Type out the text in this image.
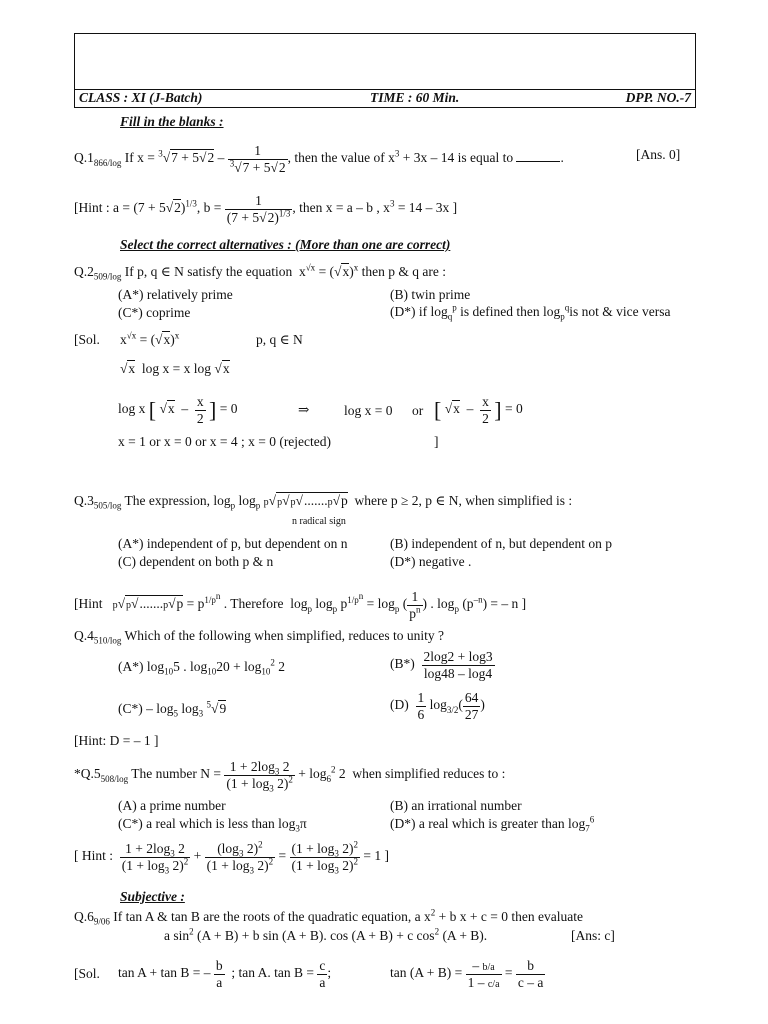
CLASS : XI (J-Batch)	TIME : 60 Min.	DPP. NO.-7
Fill in the blanks :
$Q.1_{866/log}$ If $x = ^3√7 + 5√2 - \frac{1}{^3√7 + 5√2}$ , then the value of $x^3 + 3x - 14$ is equal to	.	[Ans. 0]
[Hint : $a = (7 + 5√2)^{1/3}$, $b = \frac{1}{(7 + 5√2)^{1/3}}$ , then x = a – b , $x^3 = 14 - 3x$ ]
Select the correct alternatives : (More than one are correct)
$Q.2_{509/log}$ If p, q ∈ N satisfy the equation  $x^{√x} = (√x)^x$ then p & q are :
(A*) relatively prime	(B) twin prime
(C*) coprime	(D*) if $\log_q^p$ is defined then $\log_p^qis$ not & vice versa
[Sol. $x^{√x} = (√x)^x$	p, q ∈ N
√x log x = x log √x
log x [ $√x - \frac{x}{2}$ ] = 0	⇒	log x = 0 or [ $√x - \frac{x}{2}$ ] = 0
x = 1 or x = 0 or x = 4 ; x = 0 (rejected)	]
$Q.3_{505/log}$ The expression, $\log_p \log_p p√p√p√.......p√p$ where p ≥ 2, p ∈ N, when simplified is :
n radical sign
(A*) independent of p, but dependent on n	(B) independent of n, but dependent on p
(C) dependent on both p & n	(D*) negative .
[Hint $p√p√.......p√p = p^{1/p^n}$ . Therefore  $\log_p \log_p p^{1/p^n} = \log_p$ ( $\frac{1}{p^n}$ ) . $\log_p (p^{-n})$ = – n ]
$Q.4_{510/log}$ Which of the following when simplified, reduces to unity ?
(A*) $\log_{10}5$ . $\log_{10}20 + \log_{10}^2 2$	$(B*) \frac{2\log 2 + \log 3}{\log 48 - \log 4}$
$(C*) - \log_5 \log_3 ^5√9$	$(D) \frac{1}{6} \log_{3/2}( \frac{64}{27}$ )
[Hint: D = – 1 ]
$*Q.5_{508/log}$ The number $N = \frac{1 + 2\log_3 2}{(1 + \log_3 2)^2} + \log_6^2 2$  when simplified reduces to :
(A) a prime number	(B) an irrational number
(C*) a real which is less than $\log_3\pi$	(D*) a real which is greater than $\log_7^6$
[ Hint : $\frac{1 + 2\log_3 2}{(1 + \log_3 2)^2} + \frac{(\log_3 2)^2}{(1 + \log_3 2)^2} = \frac{(1 + \log_3 2)^2}{(1 + \log_3 2)^2} = 1$ ]
Subjective :
$Q.6_{9/06}$ If tan A & tan B are the roots of the quadratic equation, a $x^2 + b$ x + c = 0 then evaluate
a $\sin^2 (A + B) + b$ sin (A + B). cos (A + B) + c $\cos^2 (A + B)$.	[Ans: c]
[Sol. tan A + tan B = – $\frac{b}{a}$ ; tan A. $\tan B = \frac{c}{a}$ ;	$\tan (A + B) = \frac{- b/a}{1 - c/a} = \frac{b}{c - a}$
